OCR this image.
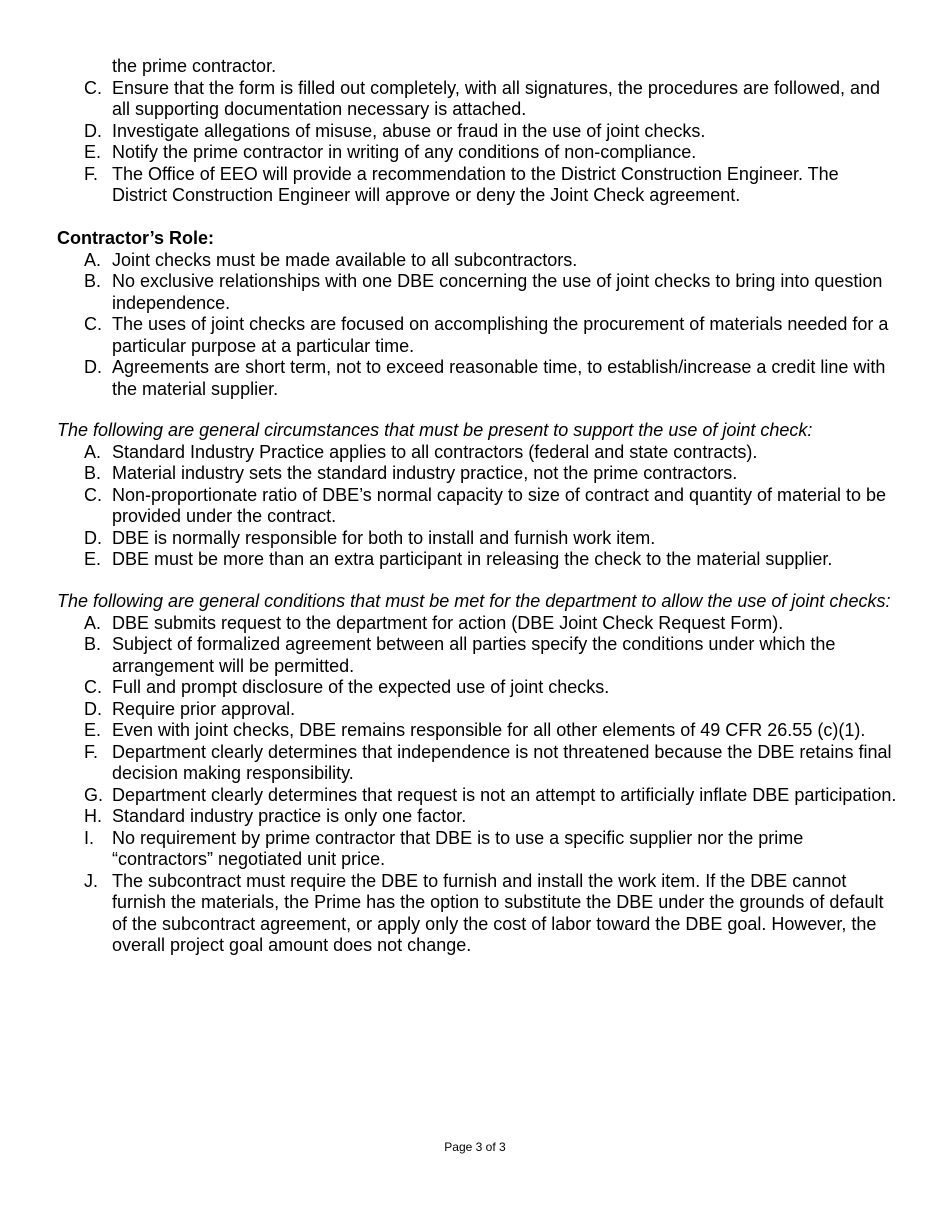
the prime contractor.
C. Ensure that the form is filled out completely, with all signatures, the procedures are followed, and all supporting documentation necessary is attached.
D. Investigate allegations of misuse, abuse or fraud in the use of joint checks.
E. Notify the prime contractor in writing of any conditions of non-compliance.
F. The Office of EEO will provide a recommendation to the District Construction Engineer. The District Construction Engineer will approve or deny the Joint Check agreement.
Contractor’s Role:
A. Joint checks must be made available to all subcontractors.
B. No exclusive relationships with one DBE concerning the use of joint checks to bring into question independence.
C. The uses of joint checks are focused on accomplishing the procurement of materials needed for a particular purpose at a particular time.
D. Agreements are short term, not to exceed reasonable time, to establish/increase a credit line with the material supplier.
The following are general circumstances that must be present to support the use of joint check:
A. Standard Industry Practice applies to all contractors (federal and state contracts).
B. Material industry sets the standard industry practice, not the prime contractors.
C. Non-proportionate ratio of DBE’s normal capacity to size of contract and quantity of material to be provided under the contract.
D. DBE is normally responsible for both to install and furnish work item.
E. DBE must be more than an extra participant in releasing the check to the material supplier.
The following are general conditions that must be met for the department to allow the use of joint checks:
A. DBE submits request to the department for action (DBE Joint Check Request Form).
B. Subject of formalized agreement between all parties specify the conditions under which the arrangement will be permitted.
C. Full and prompt disclosure of the expected use of joint checks.
D. Require prior approval.
E. Even with joint checks, DBE remains responsible for all other elements of 49 CFR 26.55 (c)(1).
F. Department clearly determines that independence is not threatened because the DBE retains final decision making responsibility.
G. Department clearly determines that request is not an attempt to artificially inflate DBE participation.
H. Standard industry practice is only one factor.
I. No requirement by prime contractor that DBE is to use a specific supplier nor the prime “contractors” negotiated unit price.
J. The subcontract must require the DBE to furnish and install the work item. If the DBE cannot furnish the materials, the Prime has the option to substitute the DBE under the grounds of default of the subcontract agreement, or apply only the cost of labor toward the DBE goal. However, the overall project goal amount does not change.
Page 3 of 3
